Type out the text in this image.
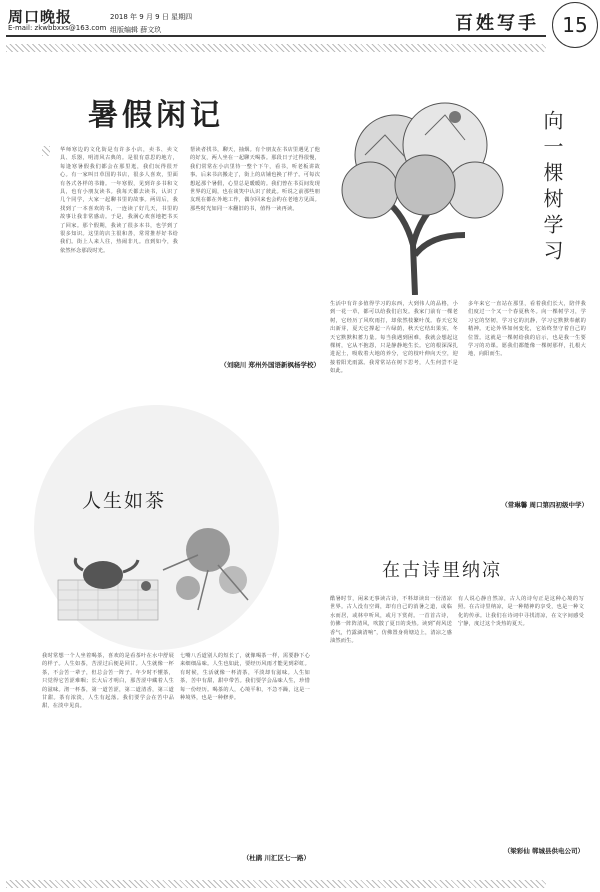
周口晚报
E-mail: zkwbbxxs@163.com
2018 年 9 月 9 日 星期四
组版编辑 薛文玖	百姓写手	15
暑假闲记
华师寒边的文化街是有许多小店，卖书、卖文具、乐器，明清风古典的。是很有意思的地方，每逢寒暑假我们都会在那里逛，我们玩得很开心。有一家叫日草国的书店，很多人喜欢，里面有各式各样的书籍。一年寒假，见到许多书和文具，也有小朋友读书。我每天都去读书，认识了几个同学，大家一起聊书里的故事。两周后，我找到了一本喜欢的书，一连读了好几天，书里的故事让我非常感动。于是，我满心欢喜地把书买了回家。那个假期，我读了很多本书，也学到了很多知识。这里的店主很和善，常常推荐好书给我们。街上人来人往，热闹非凡。直到如今，我依然怀念那段时光。
帮读者找书，聊天，抽烟。有个朋友在书店里遇见了他的好友，两人坐在一起聊天喝茶。那段日子过得很慢，我们常常在小店里待一整个下午，看书，听老板讲故事。后来书店搬走了，街上的店铺也换了样子。可每次想起那个暑假，心里总是暖暖的。我们曾在书页间发现世界的辽阔，也在谈笑中认识了彼此。听说之前那些朋友现在都在外地工作，偶尔回来也会约在老地方见面。那些时光如同一本翻旧的书，值得一读再读。
（刘晓川 郑州外国语新枫杨学校）
向一棵树学习
生活中有许多值得学习的东西，大到伟人的品格，小到一花一草，都可以给我们启发。我家门前有一棵老树，它经历了风吹雨打，却依然枝繁叶茂。春天它发出新芽，夏天它撑起一片绿荫，秋天它结出果实，冬天它默默积蓄力量。每当我遇到困难，我就会想起这棵树，它从不抱怨，只是静静地生长。它的根深深扎进泥土，吸收着大地的养分，它的枝叶伸向天空，迎接着阳光雨露。我常常站在树下思考，人生何尝不是如此。
多年来它一直站在那里，看着我们长大，陪伴我们度过一个又一个春夏秋冬。向一棵树学习，学习它的坚韧，学习它的沉静，学习它默默奉献的精神。无论外界如何变化，它始终坚守着自己的位置。这就是一棵树给我的启示，也是我一生要学习的功课。愿我们都能像一棵树那样，扎根大地，向阳而生。
（常琳馨 周口第四初级中学）
人生如茶
我时常想一个人坐着喝茶，喜欢的是看茶叶在水中舒展的样子。人生如茶，苦涩过后便是回甘。人生就像一杯茶，不会苦一辈子，但总会苦一阵子。年少时不懂茶，只觉得它苦涩难咽；长大后才明白，那苦涩中藏着人生的滋味。沏一杯茶，第一道苦涩，第二道清香，第三道甘甜。茶有浓淡，人生有起落。我们要学会在苦中品甜，在淡中见真。
七嘴八舌道别人的短长了，就像喝茶一样，需要静下心来细细品味。人生也如此，要经历风雨才能见到彩虹。有时候，生活就像一杯清茶，平淡却有滋味。人生如茶，苦中有甜，甜中带苦。我们要学会品味人生，珍惜每一份经历。喝茶的人，心境平和，不急不躁，这是一种境界，也是一种修养。
（杜鹃 川汇区七一路）
在古诗里纳凉
酷暑时节，闲来无事读古诗，不料却读出一份清凉世界。古人没有空调，却有自己的消暑之道，或临水而居，或林中听风，或月下赏荷。一首首古诗，仿佛一阵阵清风，吹散了夏日的炎热。读到“荷风送香气，竹露滴清响”，仿佛置身荷塘边上，清凉之感油然而生。
有人说心静自然凉，古人的诗句正是这种心境的写照。在古诗里纳凉，是一种精神的享受，也是一种文化的传承。让我们在诗词中寻找清凉，在文字间感受宁静，度过这个炎热的夏天。
（梁彩仙 郸城县供电公司）
